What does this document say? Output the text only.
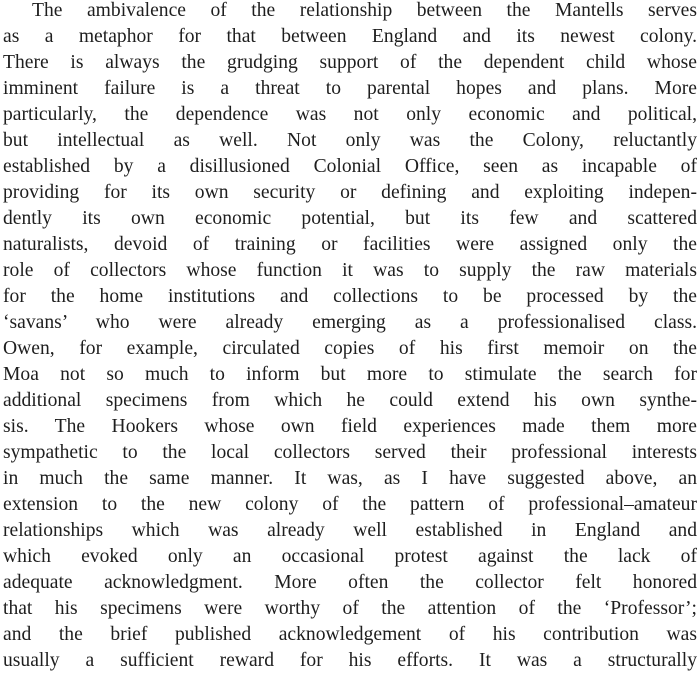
The ambivalence of the relationship between the Mantells serves
as a metaphor for that between England and its newest colony.
There is always the grudging support of the dependent child whose
imminent failure is a threat to parental hopes and plans. More
particularly, the dependence was not only economic and political,
but intellectual as well. Not only was the Colony, reluctantly
established by a disillusioned Colonial Office, seen as incapable of
providing for its own security or defining and exploiting indepen-
dently its own economic potential, but its few and scattered
naturalists, devoid of training or facilities were assigned only the
role of collectors whose function it was to supply the raw materials
for the home institutions and collections to be processed by the
‘savans’ who were already emerging as a professionalised class.
Owen, for example, circulated copies of his first memoir on the
Moa not so much to inform but more to stimulate the search for
additional specimens from which he could extend his own synthe-
sis. The Hookers whose own field experiences made them more
sympathetic to the local collectors served their professional interests
in much the same manner. It was, as I have suggested above, an
extension to the new colony of the pattern of professional–amateur
relationships which was already well established in England and
which evoked only an occasional protest against the lack of
adequate acknowledgment. More often the collector felt honored
that his specimens were worthy of the attention of the ‘Professor’;
and the brief published acknowledgement of his contribution was
usually a sufficient reward for his efforts. It was a structurally
